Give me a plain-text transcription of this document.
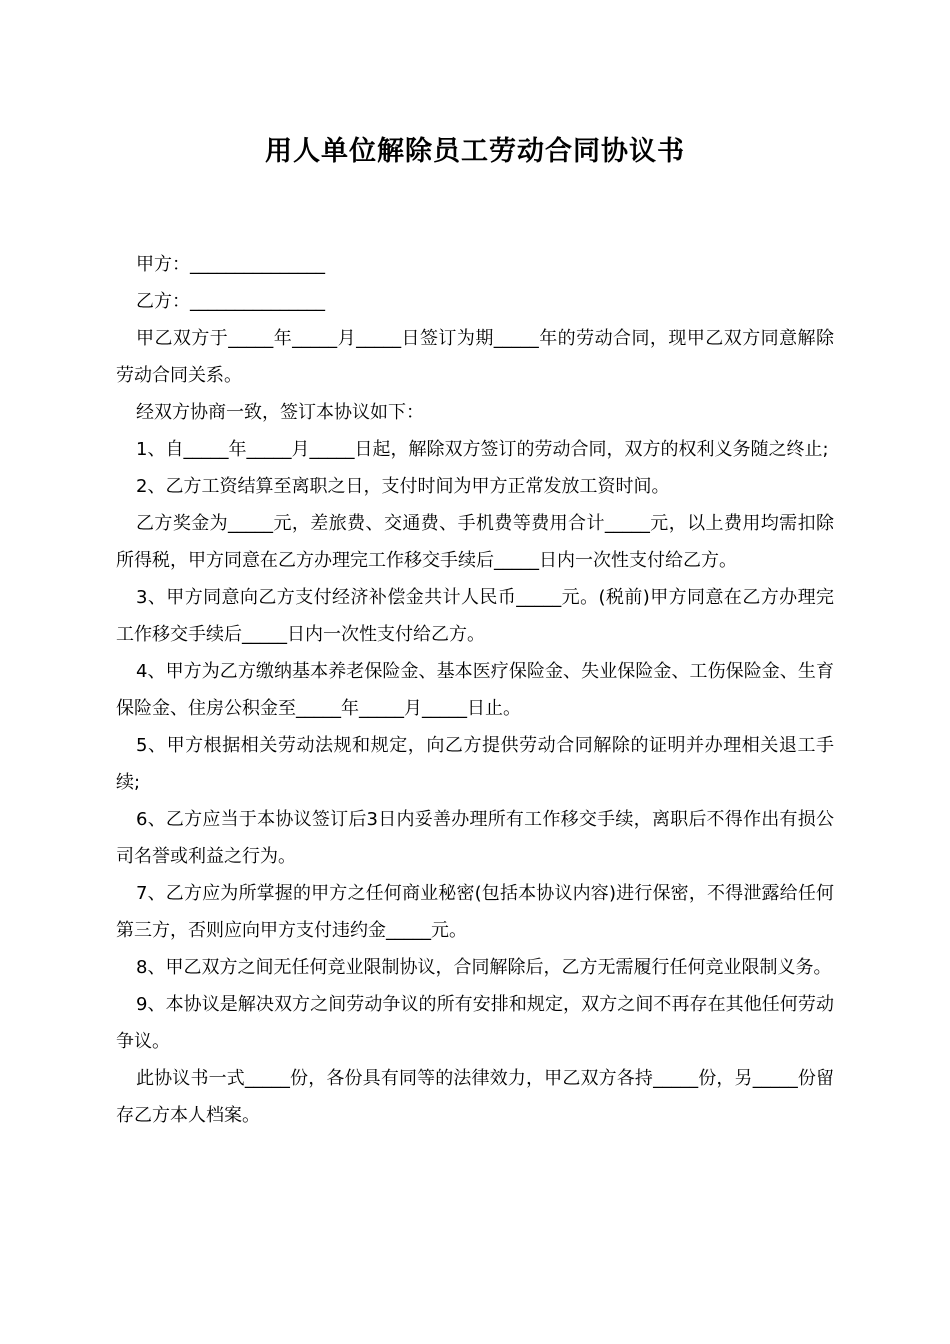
用人单位解除员工劳动合同协议书

甲方：_______________

乙方：_______________

甲乙双方于_____年_____月_____日签订为期_____年的劳动合同，现甲乙双方同意解除劳动合同关系。

经双方协商一致，签订本协议如下：

1、自_____年_____月_____日起，解除双方签订的劳动合同，双方的权利义务随之终止;

2、乙方工资结算至离职之日，支付时间为甲方正常发放工资时间。

乙方奖金为_____元，差旅费、交通费、手机费等费用合计_____元，以上费用均需扣除所得税，甲方同意在乙方办理完工作移交手续后_____日内一次性支付给乙方。

3、甲方同意向乙方支付经济补偿金共计人民币_____元。(税前)甲方同意在乙方办理完工作移交手续后_____日内一次性支付给乙方。

4、甲方为乙方缴纳基本养老保险金、基本医疗保险金、失业保险金、工伤保险金、生育保险金、住房公积金至_____年_____月_____日止。

5、甲方根据相关劳动法规和规定，向乙方提供劳动合同解除的证明并办理相关退工手续;

6、乙方应当于本协议签订后3日内妥善办理所有工作移交手续，离职后不得作出有损公司名誉或利益之行为。

7、乙方应为所掌握的甲方之任何商业秘密(包括本协议内容)进行保密，不得泄露给任何第三方，否则应向甲方支付违约金_____元。

8、甲乙双方之间无任何竞业限制协议，合同解除后，乙方无需履行任何竞业限制义务。

9、本协议是解决双方之间劳动争议的所有安排和规定，双方之间不再存在其他任何劳动争议。

此协议书一式_____份，各份具有同等的法律效力，甲乙双方各持_____份，另_____份留存乙方本人档案。
